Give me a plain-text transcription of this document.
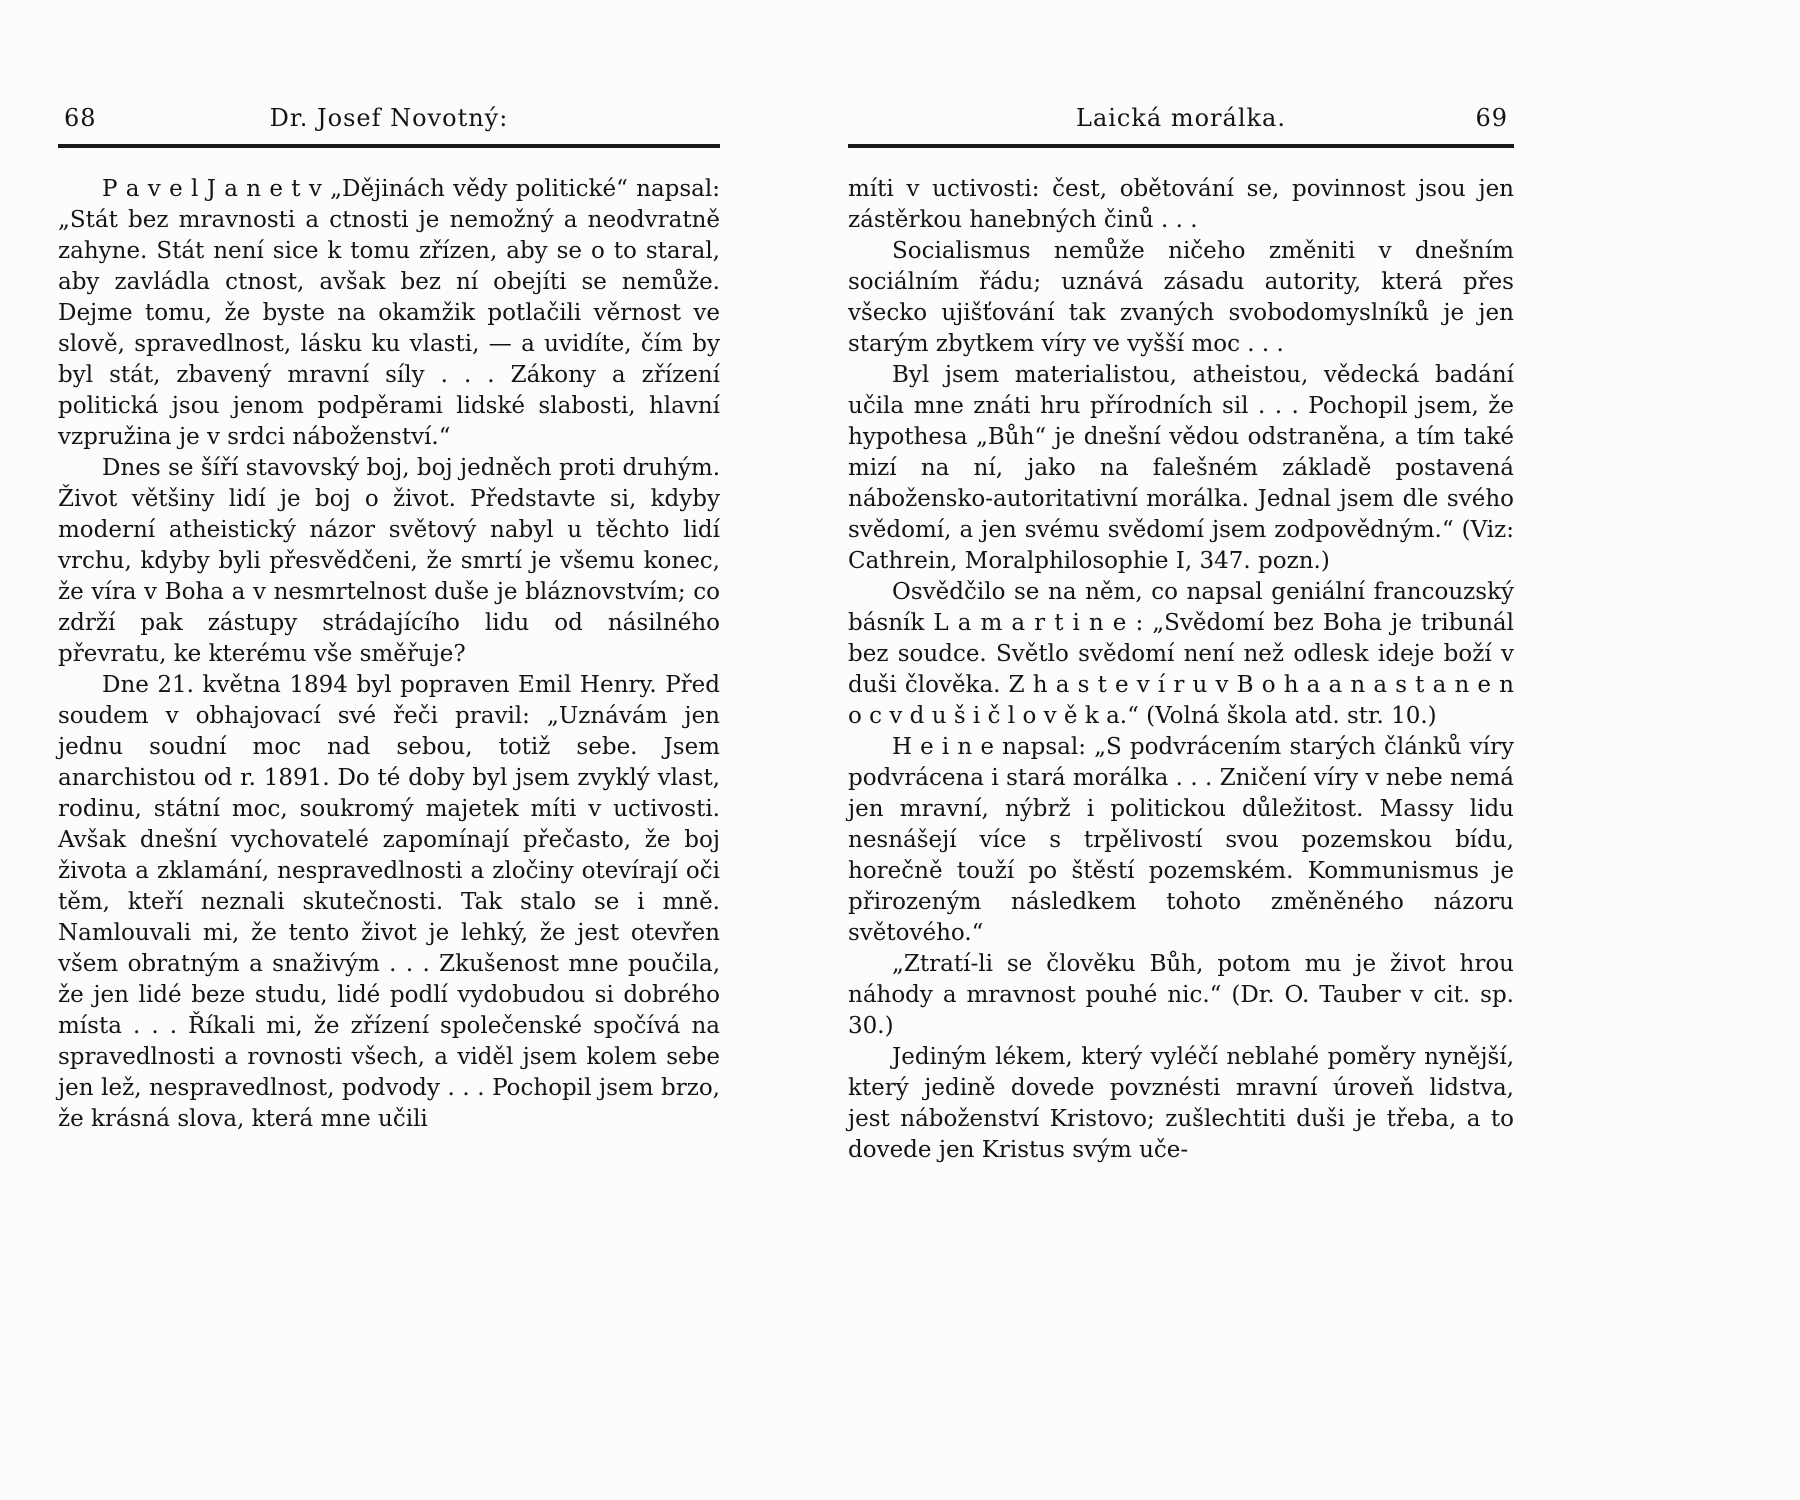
68	Dr. Josef Novotný:

P a v e l J a n e t v „Dějinách vědy politické“ napsal: „Stát bez mravnosti a ctnosti je nemožný a neodvratně zahyne. Stát není sice k tomu zřízen, aby se o to staral, aby zavládla ctnost, avšak bez ní obejíti se nemůže. Dejme tomu, že byste na okamžik potlačili věrnost ve slově, spravedlnost, lásku ku vlasti, — a uvidíte, čím by byl stát, zbavený mravní síly . . . Zákony a zřízení politická jsou jenom podpěrami lidské slabosti, hlavní vzpružina je v srdci náboženství.“

Dnes se šíří stavovský boj, boj jedněch proti druhým. Život většiny lidí je boj o život. Představte si, kdyby moderní atheistický názor světový nabyl u těchto lidí vrchu, kdyby byli přesvědčeni, že smrtí je všemu konec, že víra v Boha a v nesmrtelnost duše je bláznovstvím; co zdrží pak zástupy strádajícího lidu od násilného převratu, ke kterému vše směřuje?

Dne 21. května 1894 byl popraven Emil Henry. Před soudem v obhajovací své řeči pravil: „Uznávám jen jednu soudní moc nad sebou, totiž sebe. Jsem anarchistou od r. 1891. Do té doby byl jsem zvyklý vlast, rodinu, státní moc, soukromý majetek míti v uctivosti. Avšak dnešní vychovatelé zapomínají přečasto, že boj života a zklamání, nespravedlnosti a zločiny otevírají oči těm, kteří neznali skutečnosti. Tak stalo se i mně. Namlouvali mi, že tento život je lehký, že jest otevřen všem obratným a snaživým . . . Zkušenost mne poučila, že jen lidé beze studu, lidé podlí vydobudou si dobrého místa . . . Říkali mi, že zřízení společenské spočívá na spravedlnosti a rovnosti všech, a viděl jsem kolem sebe jen lež, nespravedlnost, podvody . . . Pochopil jsem brzo, že krásná slova, která mne učili

Laická morálka.	69

míti v uctivosti: čest, obětování se, povinnost jsou jen zástěrkou hanebných činů . . .

Socialismus nemůže ničeho změniti v dnešním sociálním řádu; uznává zásadu autority, která přes všecko ujišťování tak zvaných svobodomyslníků je jen starým zbytkem víry ve vyšší moc . . .

Byl jsem materialistou, atheistou, vědecká badání učila mne znáti hru přírodních sil . . . Pochopil jsem, že hypothesa „Bůh“ je dnešní vědou odstraněna, a tím také mizí na ní, jako na falešném základě postavená nábožensko-autoritativní morálka. Jednal jsem dle svého svědomí, a jen svému svědomí jsem zodpovědným.“ (Viz: Cathrein, Moralphilosophie I, 347. pozn.)

Osvědčilo se na něm, co napsal geniální francouzský básník L a m a r t i n e : „Svědomí bez Boha je tribunál bez soudce. Světlo svědomí není než odlesk ideje boží v duši člověka. Z h a s t e v í r u v B o h a a n a s t a n e n o c v d u š i č l o v ě k a.“ (Volná škola atd. str. 10.)

H e i n e napsal: „S podvrácením starých článků víry podvrácena i stará morálka . . . Zničení víry v nebe nemá jen mravní, nýbrž i politickou důležitost. Massy lidu nesnášejí více s trpělivostí svou pozemskou bídu, horečně touží po štěstí pozemském. Kommunismus je přirozeným následkem tohoto změněného názoru světového.“

„Ztratí-li se člověku Bůh, potom mu je život hrou náhody a mravnost pouhé nic.“ (Dr. O. Tauber v cit. sp. 30.)

Jediným lékem, který vyléčí neblahé poměry nynější, který jedině dovede povznésti mravní úroveň lidstva, jest náboženství Kristovo; zušlechtiti duši je třeba, a to dovede jen Kristus svým uče-
